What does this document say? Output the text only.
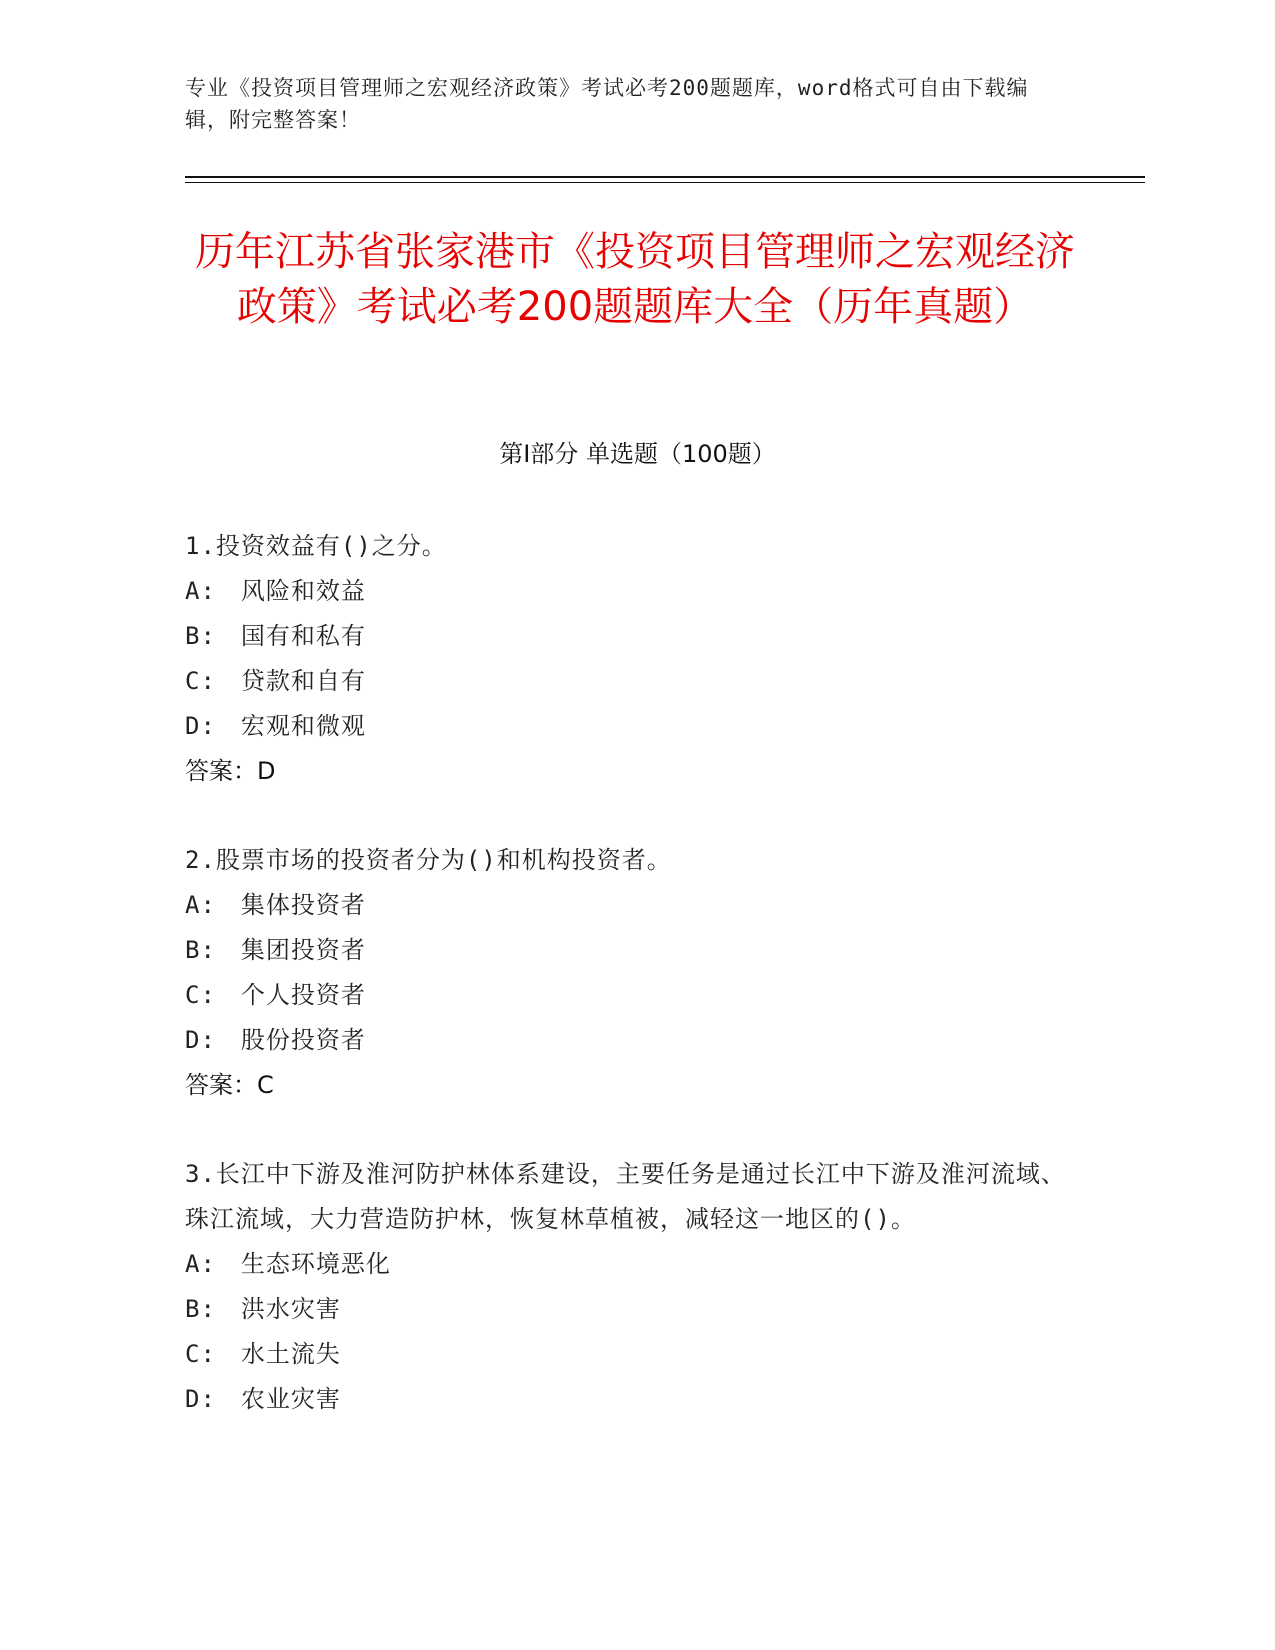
专业《投资项目管理师之宏观经济政策》考试必考200题题库，word格式可自由下载编辑，附完整答案！
历年江苏省张家港市《投资项目管理师之宏观经济政策》考试必考200题题库大全（历年真题）
第Ⅰ部分 单选题（100题）
1.投资效益有()之分。
A:　风险和效益
B:　国有和私有
C:　贷款和自有
D:　宏观和微观
答案：D
2.股票市场的投资者分为()和机构投资者。
A:　集体投资者
B:　集团投资者
C:　个人投资者
D:　股份投资者
答案：C
3.长江中下游及淮河防护林体系建设，主要任务是通过长江中下游及淮河流域、珠江流域，大力营造防护林，恢复林草植被，减轻这一地区的()。
A:　生态环境恶化
B:　洪水灾害
C:　水土流失
D:　农业灾害
